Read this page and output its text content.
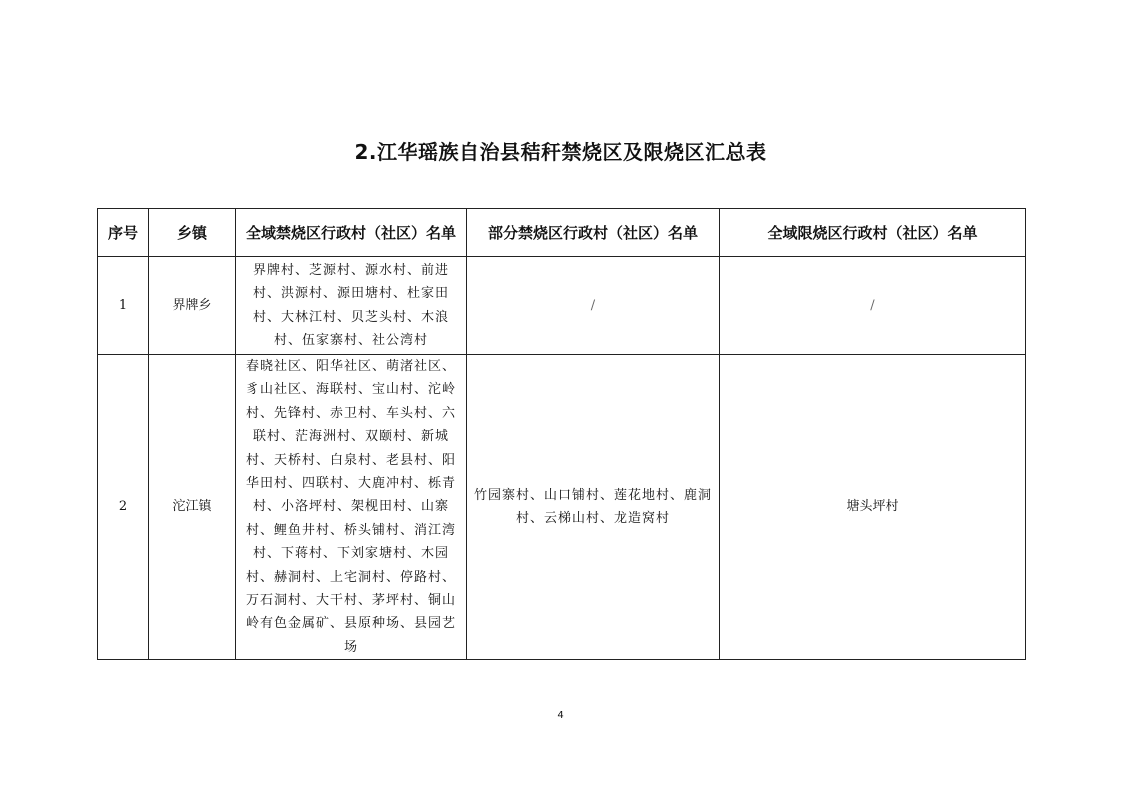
2.江华瑶族自治县秸秆禁烧区及限烧区汇总表
序号	乡镇	全域禁烧区行政村（社区）名单	部分禁烧区行政村（社区）名单	全域限烧区行政村（社区）名单
1	界牌乡	界牌村、芝源村、源水村、前进村、洪源村、源田塘村、杜家田村、大林江村、贝芝头村、木浪村、伍家寨村、社公湾村	/	/
2	沱江镇	春晓社区、阳华社区、萌渚社区、豸山社区、海联村、宝山村、沱岭村、先锋村、赤卫村、车头村、六联村、茫海洲村、双颐村、新城村、天桥村、白泉村、老县村、阳华田村、四联村、大鹿冲村、栎青村、小洛坪村、架枧田村、山寨村、鲤鱼井村、桥头铺村、消江湾村、下蒋村、下刘家塘村、木园村、赫洞村、上宅洞村、停路村、万石洞村、大干村、茅坪村、铜山岭有色金属矿、县原种场、县园艺场	竹园寨村、山口铺村、莲花地村、鹿洞村、云梯山村、龙造窝村	塘头坪村
4
